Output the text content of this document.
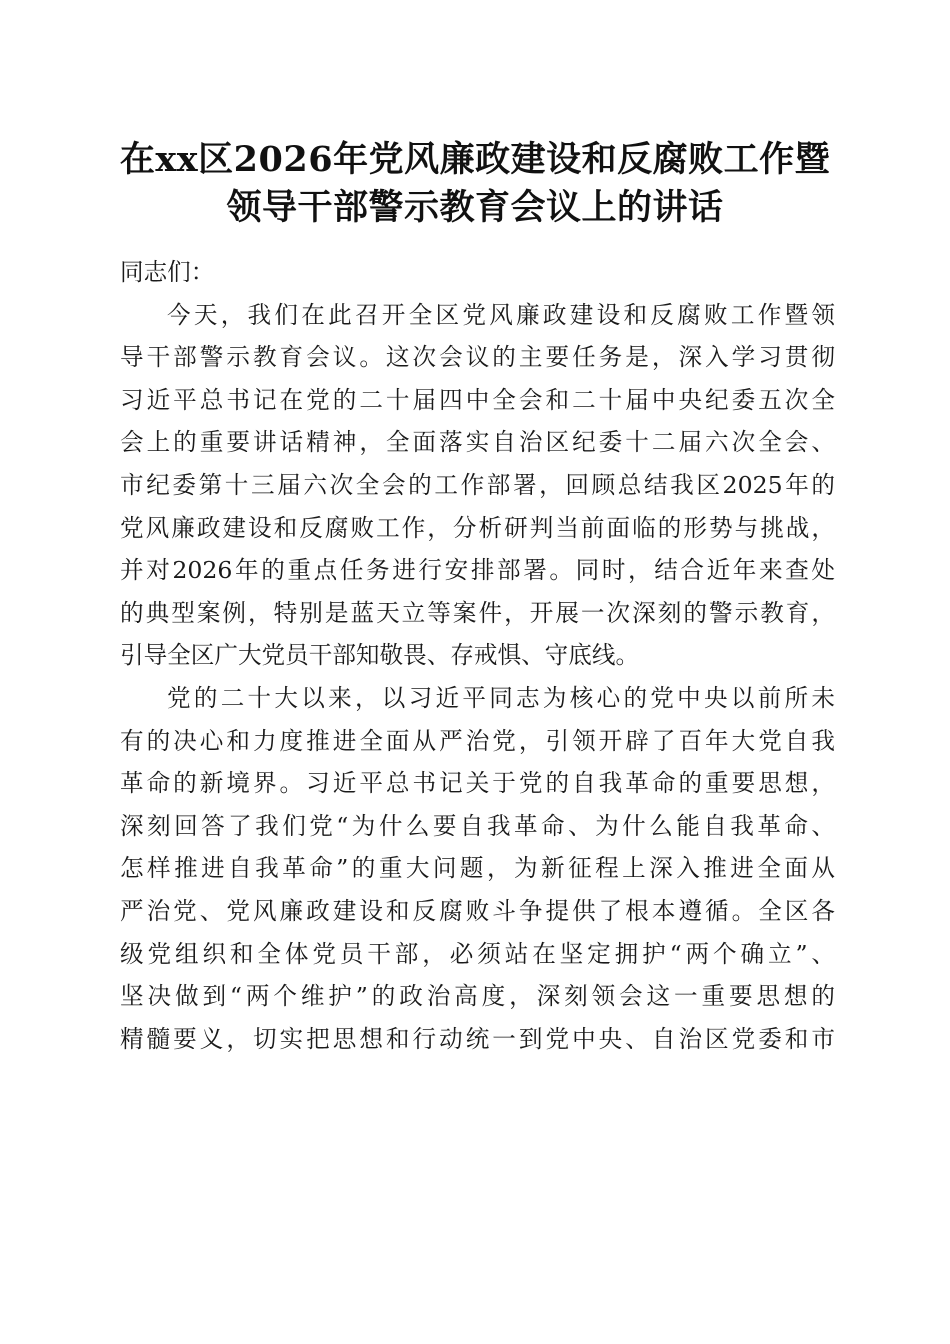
在xx区2026年党风廉政建设和反腐败工作暨
领导干部警示教育会议上的讲话
同志们：
今天，我们在此召开全区党风廉政建设和反腐败工作暨领
导干部警示教育会议。这次会议的主要任务是，深入学习贯彻
习近平总书记在党的二十届四中全会和二十届中央纪委五次全
会上的重要讲话精神，全面落实自治区纪委十二届六次全会、
市纪委第十三届六次全会的工作部署，回顾总结我区2025年的
党风廉政建设和反腐败工作，分析研判当前面临的形势与挑战，
并对2026年的重点任务进行安排部署。同时，结合近年来查处
的典型案例，特别是蓝天立等案件，开展一次深刻的警示教育，
引导全区广大党员干部知敬畏、存戒惧、守底线。
党的二十大以来，以习近平同志为核心的党中央以前所未
有的决心和力度推进全面从严治党，引领开辟了百年大党自我
革命的新境界。习近平总书记关于党的自我革命的重要思想，
深刻回答了我们党“为什么要自我革命、为什么能自我革命、
怎样推进自我革命”的重大问题，为新征程上深入推进全面从
严治党、党风廉政建设和反腐败斗争提供了根本遵循。全区各
级党组织和全体党员干部，必须站在坚定拥护“两个确立”、
坚决做到“两个维护”的政治高度，深刻领会这一重要思想的
精髓要义，切实把思想和行动统一到党中央、自治区党委和市
